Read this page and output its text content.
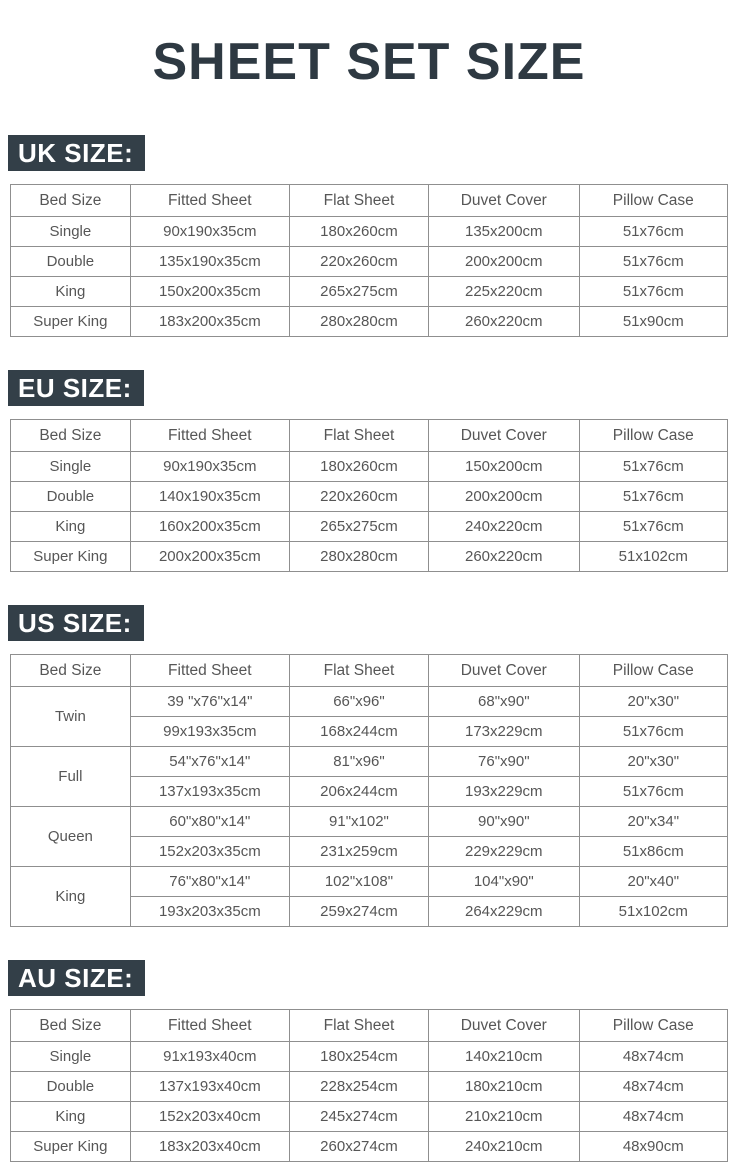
SHEET SET SIZE
UK SIZE:
Bed Size	Fitted Sheet	Flat Sheet	Duvet Cover	Pillow Case
Single	90x190x35cm	180x260cm	135x200cm	51x76cm
Double	135x190x35cm	220x260cm	200x200cm	51x76cm
King	150x200x35cm	265x275cm	225x220cm	51x76cm
Super King	183x200x35cm	280x280cm	260x220cm	51x90cm
EU SIZE:
Bed Size	Fitted Sheet	Flat Sheet	Duvet Cover	Pillow Case
Single	90x190x35cm	180x260cm	150x200cm	51x76cm
Double	140x190x35cm	220x260cm	200x200cm	51x76cm
King	160x200x35cm	265x275cm	240x220cm	51x76cm
Super King	200x200x35cm	280x280cm	260x220cm	51x102cm
US SIZE:
Bed Size	Fitted Sheet	Flat Sheet	Duvet Cover	Pillow Case
Twin	39 "x76"x14"	66"x96"	68"x90"	20"x30"
	99x193x35cm	168x244cm	173x229cm	51x76cm
Full	54"x76"x14"	81"x96"	76"x90"	20"x30"
	137x193x35cm	206x244cm	193x229cm	51x76cm
Queen	60"x80"x14"	91"x102"	90"x90"	20"x34"
	152x203x35cm	231x259cm	229x229cm	51x86cm
King	76"x80"x14"	102"x108"	104"x90"	20"x40"
	193x203x35cm	259x274cm	264x229cm	51x102cm
AU SIZE:
Bed Size	Fitted Sheet	Flat Sheet	Duvet Cover	Pillow Case
Single	91x193x40cm	180x254cm	140x210cm	48x74cm
Double	137x193x40cm	228x254cm	180x210cm	48x74cm
King	152x203x40cm	245x274cm	210x210cm	48x74cm
Super King	183x203x40cm	260x274cm	240x210cm	48x90cm
